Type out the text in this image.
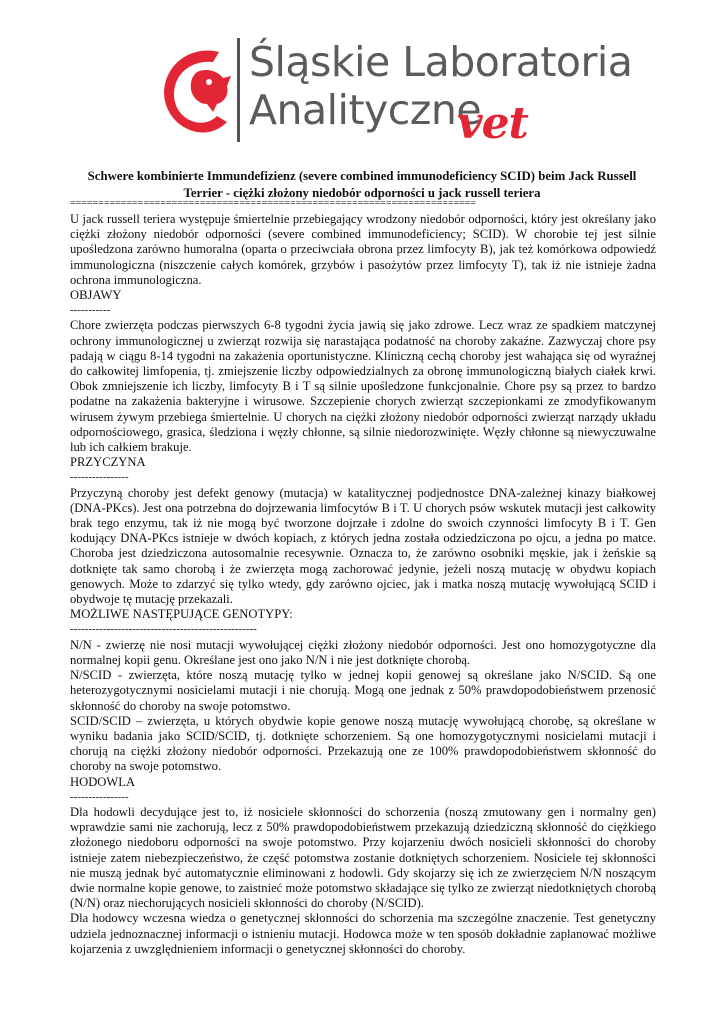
Śląskie Laboratoria
Analityczne
vet
Schwere kombinierte Immundefizienz (severe combined immunodeficiency SCID) beim Jack Russell Terrier - ciężki złożony niedobór odporności u jack russell teriera
========================================================================

U jack russell teriera występuje śmiertelnie przebiegający wrodzony niedobór odporności, który jest określany jako ciężki złożony niedobór odporności (severe combined immunodeficiency; SCID). W chorobie tej jest silnie upośledzona zarówno humoralna (oparta o przeciwciała obrona przez limfocyty B), jak też komórkowa odpowiedź immunologiczna (niszczenie całych komórek, grzybów i pasożytów przez limfocyty T), tak iż nie istnieje żadna ochrona immunologiczna.

OBJAWY

-----------

Chore zwierzęta podczas pierwszych 6-8 tygodni życia jawią się jako zdrowe. Lecz wraz ze spadkiem matczynej ochrony immunologicznej u zwierząt rozwija się narastająca podatność na choroby zakaźne. Zazwyczaj chore psy padają w ciągu 8-14 tygodni na zakażenia oportunistyczne. Kliniczną cechą choroby jest wahająca się od wyraźnej do całkowitej limfopenia, tj. zmiejszenie liczby odpowiedzialnych za obronę immunologiczną białych ciałek krwi. Obok zmniejszenie ich liczby, limfocyty B i T są silnie upośledzone funkcjonalnie. Chore psy są przez to bardzo podatne na zakażenia bakteryjne i wirusowe. Szczepienie chorych zwierząt szczepionkami ze zmodyfikowanym wirusem żywym przebiega śmiertelnie. U chorych na ciężki złożony niedobór odporności zwierząt narządy układu odpornościowego, grasica, śledziona i węzły chłonne, są silnie niedorozwinięte. Węzły chłonne są niewyczuwalne lub ich całkiem brakuje.

PRZYCZYNA

----------------

Przyczyną choroby jest defekt genowy (mutacja) w katalitycznej podjednostce DNA-zależnej kinazy białkowej (DNA-PKcs). Jest ona potrzebna do dojrzewania limfocytów B i T. U chorych psów wskutek mutacji jest całkowity brak tego enzymu, tak iż nie mogą być tworzone dojrzałe i zdolne do swoich czynności limfocyty B i T. Gen kodujący DNA-PKcs istnieje w dwóch kopiach, z których jedna została odziedziczona po ojcu, a jedna po matce. Choroba jest dziedziczona autosomalnie recesywnie. Oznacza to, że zarówno osobniki męskie, jak i żeńskie są dotknięte tak samo chorobą i że zwierzęta mogą zachorować jedynie, jeżeli noszą mutację w obydwu kopiach genowych. Może to zdarzyć się tylko wtedy, gdy zarówno ojciec, jak i matka noszą mutację wywołującą SCID i obydwoje tę mutację przekazali.

MOŻLIWE NASTĘPUJĄCE GENOTYPY:

---------------------------------------------------

N/N - zwierzę nie nosi mutacji wywołującej ciężki złożony niedobór odporności. Jest ono homozygotyczne dla normalnej kopii genu. Określane jest ono jako N/N i nie jest dotknięte chorobą.

N/SCID - zwierzęta, które noszą mutację tylko w jednej kopii genowej są określane jako N/SCID. Są one heterozygotycznymi nosicielami mutacji i nie chorują. Mogą one jednak z 50% prawdopodobieństwem przenosić skłonność do choroby na swoje potomstwo.

SCID/SCID – zwierzęta, u których obydwie kopie genowe noszą mutację wywołującą chorobę, są określane w wyniku badania jako SCID/SCID, tj. dotknięte schorzeniem. Są one homozygotycznymi nosicielami mutacji i chorują na ciężki złożony niedobór odporności. Przekazują one ze 100% prawdopodobieństwem skłonność do choroby na swoje potomstwo.

HODOWLA

----------------

Dla hodowli decydujące jest to, iż nosiciele skłonności do schorzenia (noszą zmutowany gen i normalny gen) wprawdzie sami nie zachorują, lecz z 50% prawdopodobieństwem przekazują dziedziczną skłonność do ciężkiego złożonego niedoboru odporności na swoje potomstwo. Przy kojarzeniu dwóch nosicieli skłonności do choroby istnieje zatem niebezpieczeństwo, że część potomstwa zostanie dotkniętych schorzeniem. Nosiciele tej skłonności nie muszą jednak być automatycznie eliminowani z hodowli. Gdy skojarzy się ich ze zwierzęciem N/N noszącym dwie normalne kopie genowe, to zaistnieć może potomstwo składające się tylko ze zwierząt niedotkniętych chorobą (N/N) oraz niechorujących nosicieli skłonności do choroby (N/SCID).

Dla hodowcy wczesna wiedza o genetycznej skłonności do schorzenia ma szczególne znaczenie. Test genetyczny udziela jednoznacznej informacji o istnieniu mutacji. Hodowca może w ten sposób dokładnie zaplanować możliwe kojarzenia z uwzględnieniem informacji o genetycznej skłonności do choroby.
